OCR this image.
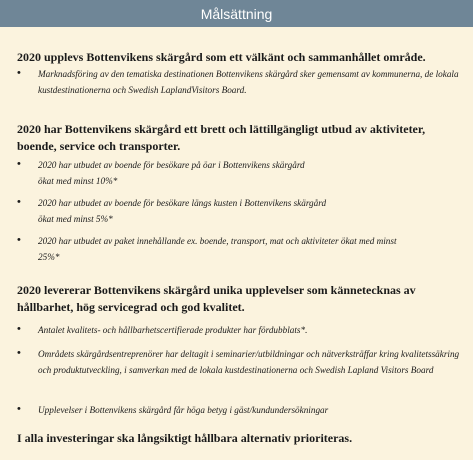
Målsättning
2020 upplevs Bottenvikens skärgård som ett välkänt och sammanhållet område.
• Marknadsföring av den tematiska destinationen Bottenvikens skärgård sker gemensamt av kommunerna, de lokala kustdestinationerna och Swedish LaplandVisitors Board.
2020 har Bottenvikens skärgård ett brett och lättillgängligt utbud av aktiviteter, boende, service och transporter.
• 2020 har utbudet av boende för besökare på öar i Bottenvikens skärgård ökat med minst 10%*
• 2020 har utbudet av boende för besökare längs kusten i Bottenvikens skärgård ökat med minst 5%*
• 2020 har utbudet av paket innehållande ex. boende, transport, mat och aktiviteter ökat med minst 25%*
2020 levererar Bottenvikens skärgård unika upplevelser som kännetecknas av hållbarhet, hög servicegrad och god kvalitet.
• Antalet kvalitets- och hållbarhetscertifierade produkter har fördubblats*.
• Områdets skärgårdsentreprenörer har deltagit i seminarier/utbildningar och nätverksträffar kring kvalitetssäkring och produktutveckling, i samverkan med de lokala kustdestinationerna och Swedish Lapland Visitors Board
• Upplevelser i Bottenvikens skärgård får höga betyg i gäst/kundundersökningar
I alla investeringar ska långsiktigt hållbara alternativ prioriteras.
